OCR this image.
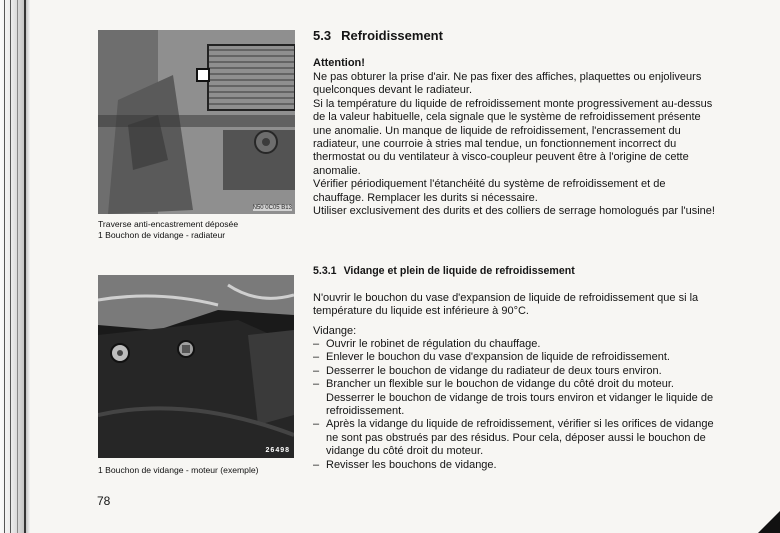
N50 0C05 B13
Traverse anti-encastrement déposée
1 Bouchon de vidange - radiateur
26498
1 Bouchon de vidange - moteur (exemple)
5.3 Refroidissement
Attention!
Ne pas obturer la prise d'air. Ne pas fixer des affiches, plaquettes ou enjoliveurs
quelconques devant le radiateur.
Si la température du liquide de refroidissement monte progressivement au-dessus
de la valeur habituelle, cela signale que le système de refroidissement présente
une anomalie. Un manque de liquide de refroidissement, l'encrassement du
radiateur, une courroie à stries mal tendue, un fonctionnement incorrect du
thermostat ou du ventilateur à visco-coupleur peuvent être à l'origine de cette
anomalie.
Vérifier périodiquement l'étanchéité du système de refroidissement et de
chauffage. Remplacer les durits si nécessaire.
Utiliser exclusivement des durits et des colliers de serrage homologués par l'usine!
5.3.1 Vidange et plein de liquide de refroidissement
N'ouvrir le bouchon du vase d'expansion de liquide de refroidissement que si la
température du liquide est inférieure à 90°C.
Vidange:
– Ouvrir le robinet de régulation du chauffage.
– Enlever le bouchon du vase d'expansion de liquide de refroidissement.
– Desserrer le bouchon de vidange du radiateur de deux tours environ.
– Brancher un flexible sur le bouchon de vidange du côté droit du moteur.
Desserrer le bouchon de vidange de trois tours environ et vidanger le liquide de
refroidissement.
– Après la vidange du liquide de refroidissement, vérifier si les orifices de vidange
ne sont pas obstrués par des résidus. Pour cela, déposer aussi le bouchon de
vidange du côté droit du moteur.
– Revisser les bouchons de vidange.
78
